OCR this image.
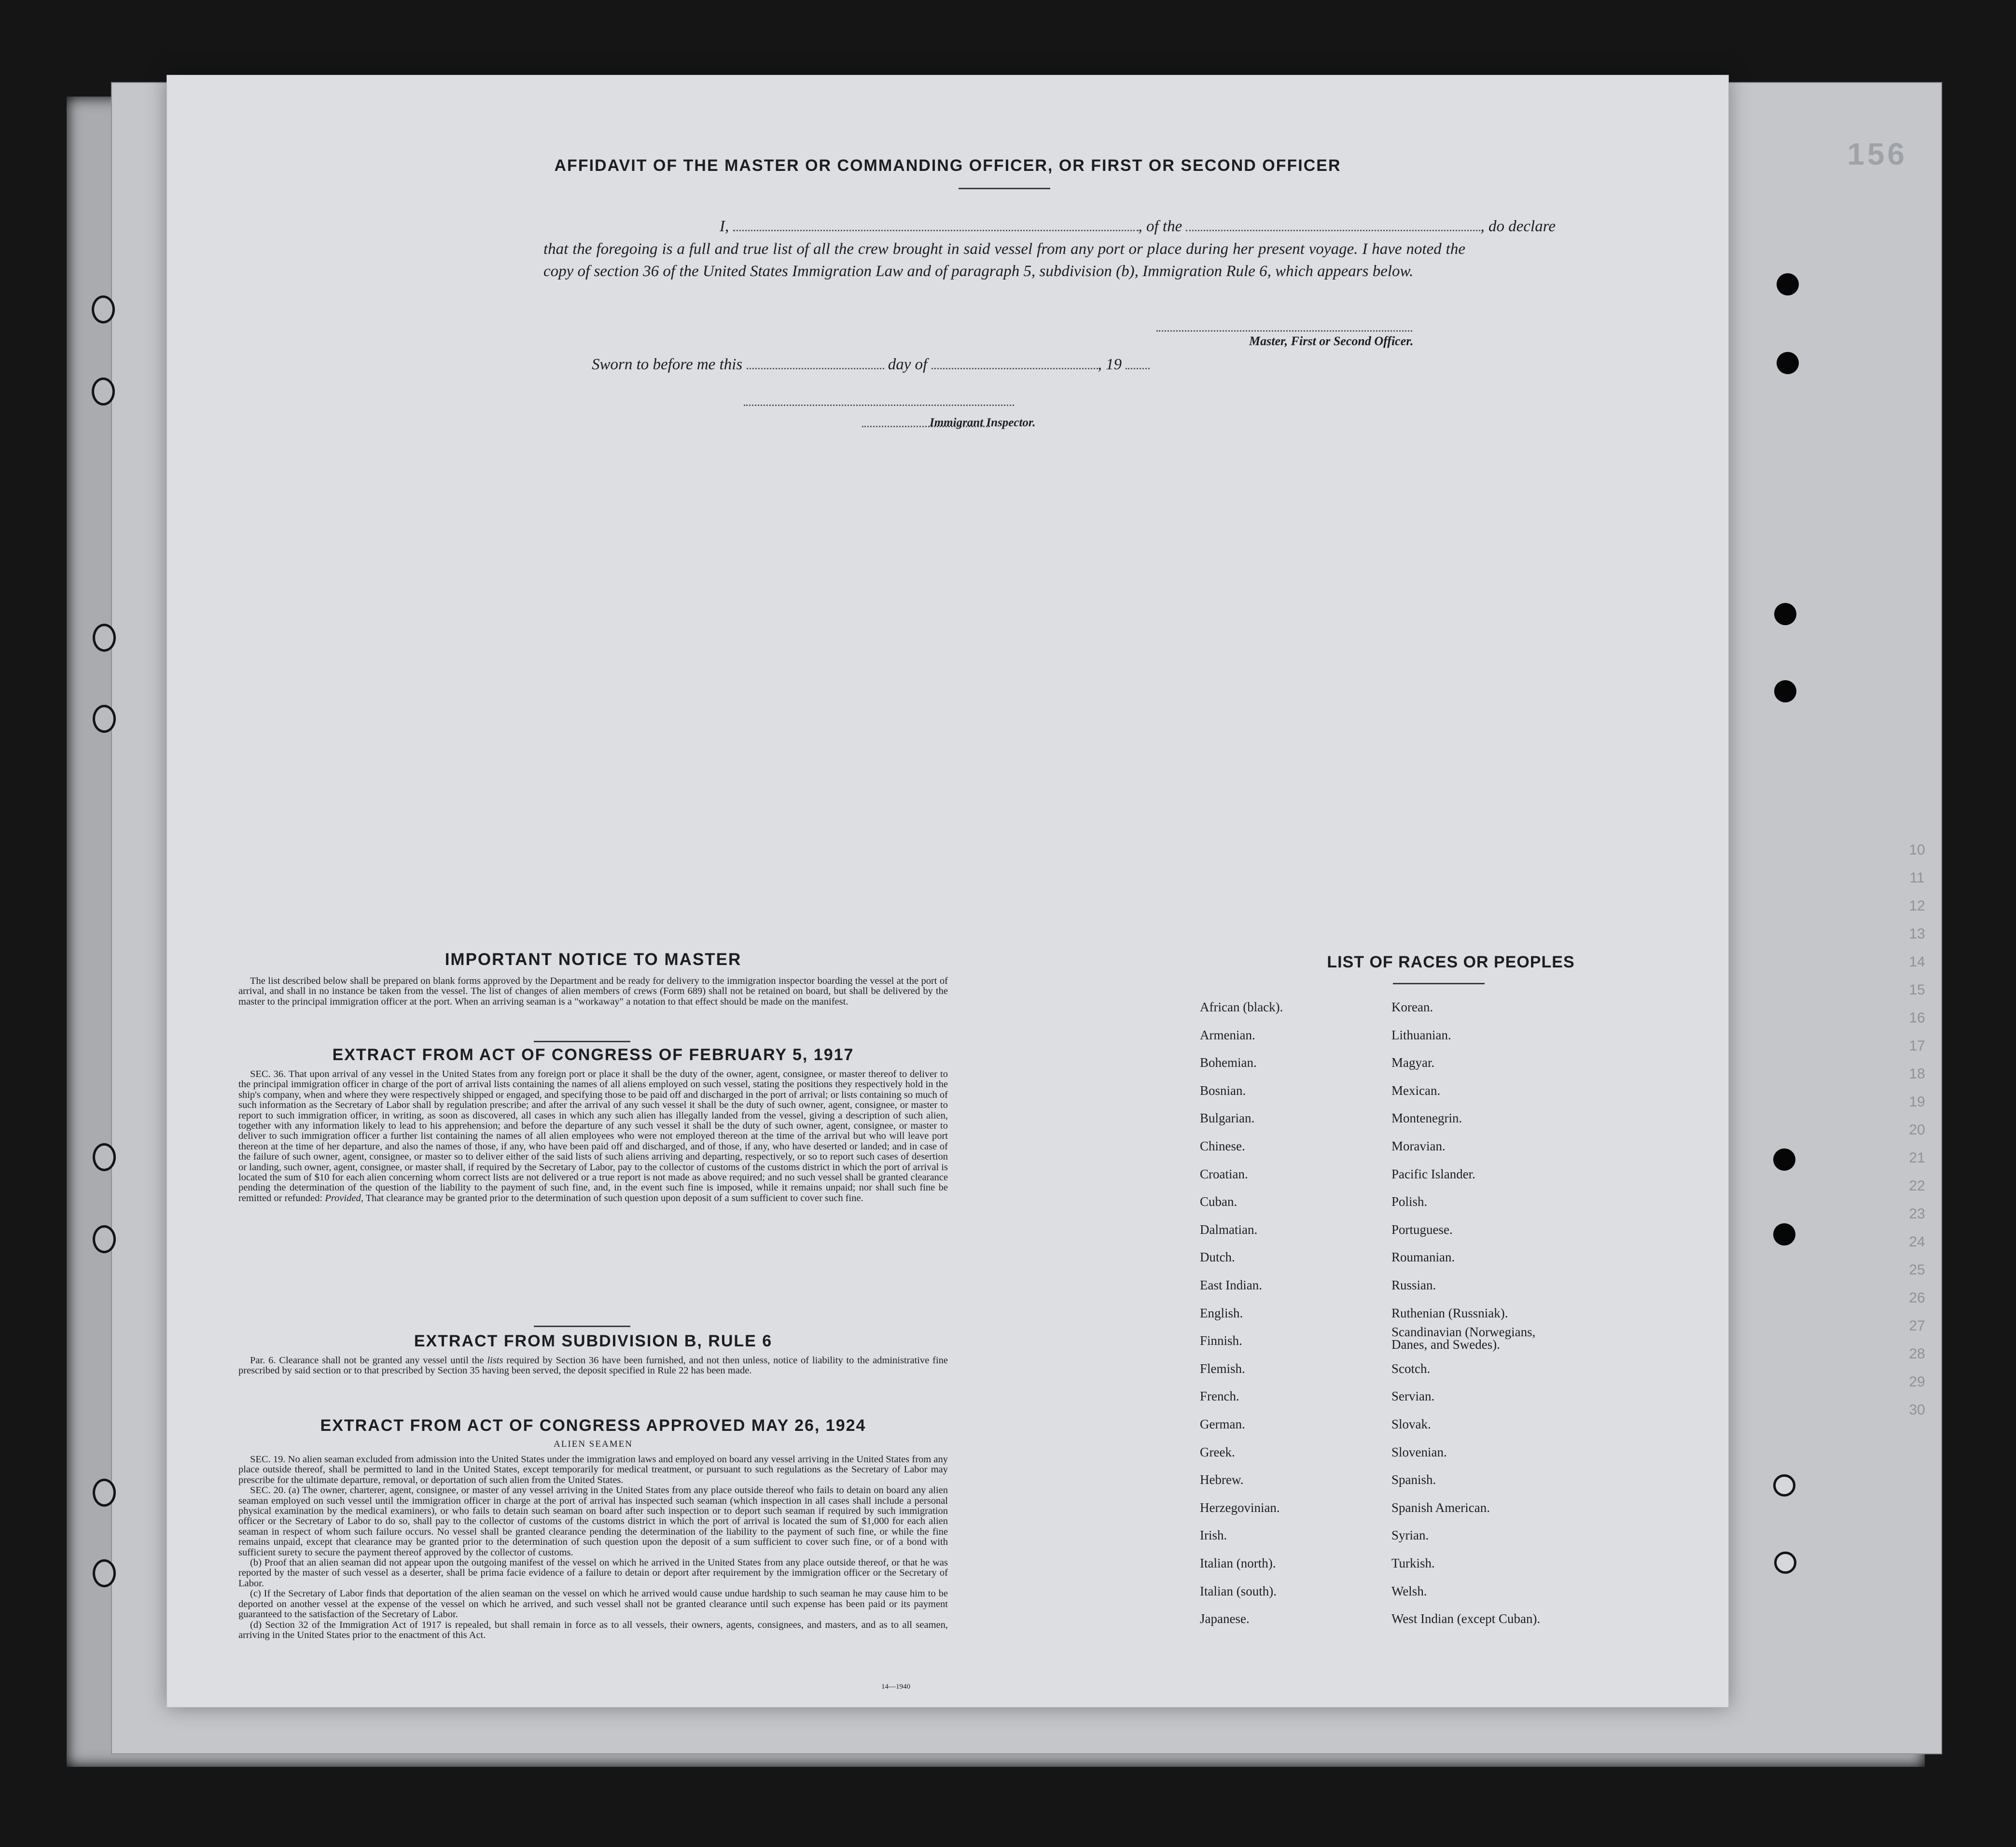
156
10
11
12
13
14
15
16
17
18
19
20
21
22
23
24
25
26
27
28
29
30
AFFIDAVIT OF THE MASTER OR COMMANDING OFFICER, OR FIRST OR SECOND OFFICER
I,	, of the	, do declare

that the foregoing is a full and true list of all the crew brought in said vessel from any port or place during her present voyage. I have noted the copy of section 36 of the United States Immigration Law and of paragraph 5, subdivision (b), Immigration Rule 6, which appears below.

Master, First or Second Officer.
Sworn to before me this	day of	, 19
Immigrant Inspector.
IMPORTANT NOTICE TO MASTER

The list described below shall be prepared on blank forms approved by the Department and be ready for delivery to the immigration inspector boarding the vessel at the port of arrival, and shall in no instance be taken from the vessel. The list of changes of alien members of crews (Form 689) shall not be retained on board, but shall be delivered by the master to the principal immigration officer at the port. When an arriving seaman is a "workaway" a notation to that effect should be made on the manifest.

EXTRACT FROM ACT OF CONGRESS OF FEBRUARY 5, 1917

SEC. 36. That upon arrival of any vessel in the United States from any foreign port or place it shall be the duty of the owner, agent, consignee, or master thereof to deliver to the principal immigration officer in charge of the port of arrival lists containing the names of all aliens employed on such vessel, stating the positions they respectively hold in the ship's company, when and where they were respectively shipped or engaged, and specifying those to be paid off and discharged in the port of arrival; or lists containing so much of such information as the Secretary of Labor shall by regulation prescribe; and after the arrival of any such vessel it shall be the duty of such owner, agent, consignee, or master to report to such immigration officer, in writing, as soon as discovered, all cases in which any such alien has illegally landed from the vessel, giving a description of such alien, together with any information likely to lead to his apprehension; and before the departure of any such vessel it shall be the duty of such owner, agent, consignee, or master to deliver to such immigration officer a further list containing the names of all alien employees who were not employed thereon at the time of the arrival but who will leave port thereon at the time of her departure, and also the names of those, if any, who have been paid off and discharged, and of those, if any, who have deserted or landed; and in case of the failure of such owner, agent, consignee, or master so to deliver either of the said lists of such aliens arriving and departing, respectively, or so to report such cases of desertion or landing, such owner, agent, consignee, or master shall, if required by the Secretary of Labor, pay to the collector of customs of the customs district in which the port of arrival is located the sum of $10 for each alien concerning whom correct lists are not delivered or a true report is not made as above required; and no such vessel shall be granted clearance pending the determination of the question of the liability to the payment of such fine, and, in the event such fine is imposed, while it remains unpaid; nor shall such fine be remitted or refunded: Provided, That clearance may be granted prior to the determination of such question upon deposit of a sum sufficient to cover such fine.

EXTRACT FROM SUBDIVISION B, RULE 6

Par. 6. Clearance shall not be granted any vessel until the lists required by Section 36 have been furnished, and not then unless, notice of liability to the administrative fine prescribed by said section or to that prescribed by Section 35 having been served, the deposit specified in Rule 22 has been made.

EXTRACT FROM ACT OF CONGRESS APPROVED MAY 26, 1924

ALIEN SEAMEN

SEC. 19. No alien seaman excluded from admission into the United States under the immigration laws and employed on board any vessel arriving in the United States from any place outside thereof, shall be permitted to land in the United States, except temporarily for medical treatment, or pursuant to such regulations as the Secretary of Labor may prescribe for the ultimate departure, removal, or deportation of such alien from the United States.

SEC. 20. (a) The owner, charterer, agent, consignee, or master of any vessel arriving in the United States from any place outside thereof who fails to detain on board any alien seaman employed on such vessel until the immigration officer in charge at the port of arrival has inspected such seaman (which inspection in all cases shall include a personal physical examination by the medical examiners), or who fails to detain such seaman on board after such inspection or to deport such seaman if required by such immigration officer or the Secretary of Labor to do so, shall pay to the collector of customs of the customs district in which the port of arrival is located the sum of $1,000 for each alien seaman in respect of whom such failure occurs. No vessel shall be granted clearance pending the determination of the liability to the payment of such fine, or while the fine remains unpaid, except that clearance may be granted prior to the determination of such question upon the deposit of a sum sufficient to cover such fine, or of a bond with sufficient surety to secure the payment thereof approved by the collector of customs.

(b) Proof that an alien seaman did not appear upon the outgoing manifest of the vessel on which he arrived in the United States from any place outside thereof, or that he was reported by the master of such vessel as a deserter, shall be prima facie evidence of a failure to detain or deport after requirement by the immigration officer or the Secretary of Labor.

(c) If the Secretary of Labor finds that deportation of the alien seaman on the vessel on which he arrived would cause undue hardship to such seaman he may cause him to be deported on another vessel at the expense of the vessel on which he arrived, and such vessel shall not be granted clearance until such expense has been paid or its payment guaranteed to the satisfaction of the Secretary of Labor.

(d) Section 32 of the Immigration Act of 1917 is repealed, but shall remain in force as to all vessels, their owners, agents, consignees, and masters, and as to all seamen, arriving in the United States prior to the enactment of this Act.

14—1940
LIST OF RACES OR PEOPLES
African (black).
Armenian.
Bohemian.
Bosnian.
Bulgarian.
Chinese.
Croatian.
Cuban.
Dalmatian.
Dutch.
East Indian.
English.
Finnish.
Flemish.
French.
German.
Greek.
Hebrew.
Herzegovinian.
Irish.
Italian (north).
Italian (south).
Japanese.
Korean.
Lithuanian.
Magyar.
Mexican.
Montenegrin.
Moravian.
Pacific Islander.
Polish.
Portuguese.
Roumanian.
Russian.
Ruthenian (Russniak).
Scandinavian (Norwegians, Danes, and Swedes).
Scotch.
Servian.
Slovak.
Slovenian.
Spanish.
Spanish American.
Syrian.
Turkish.
Welsh.
West Indian (except Cuban).
